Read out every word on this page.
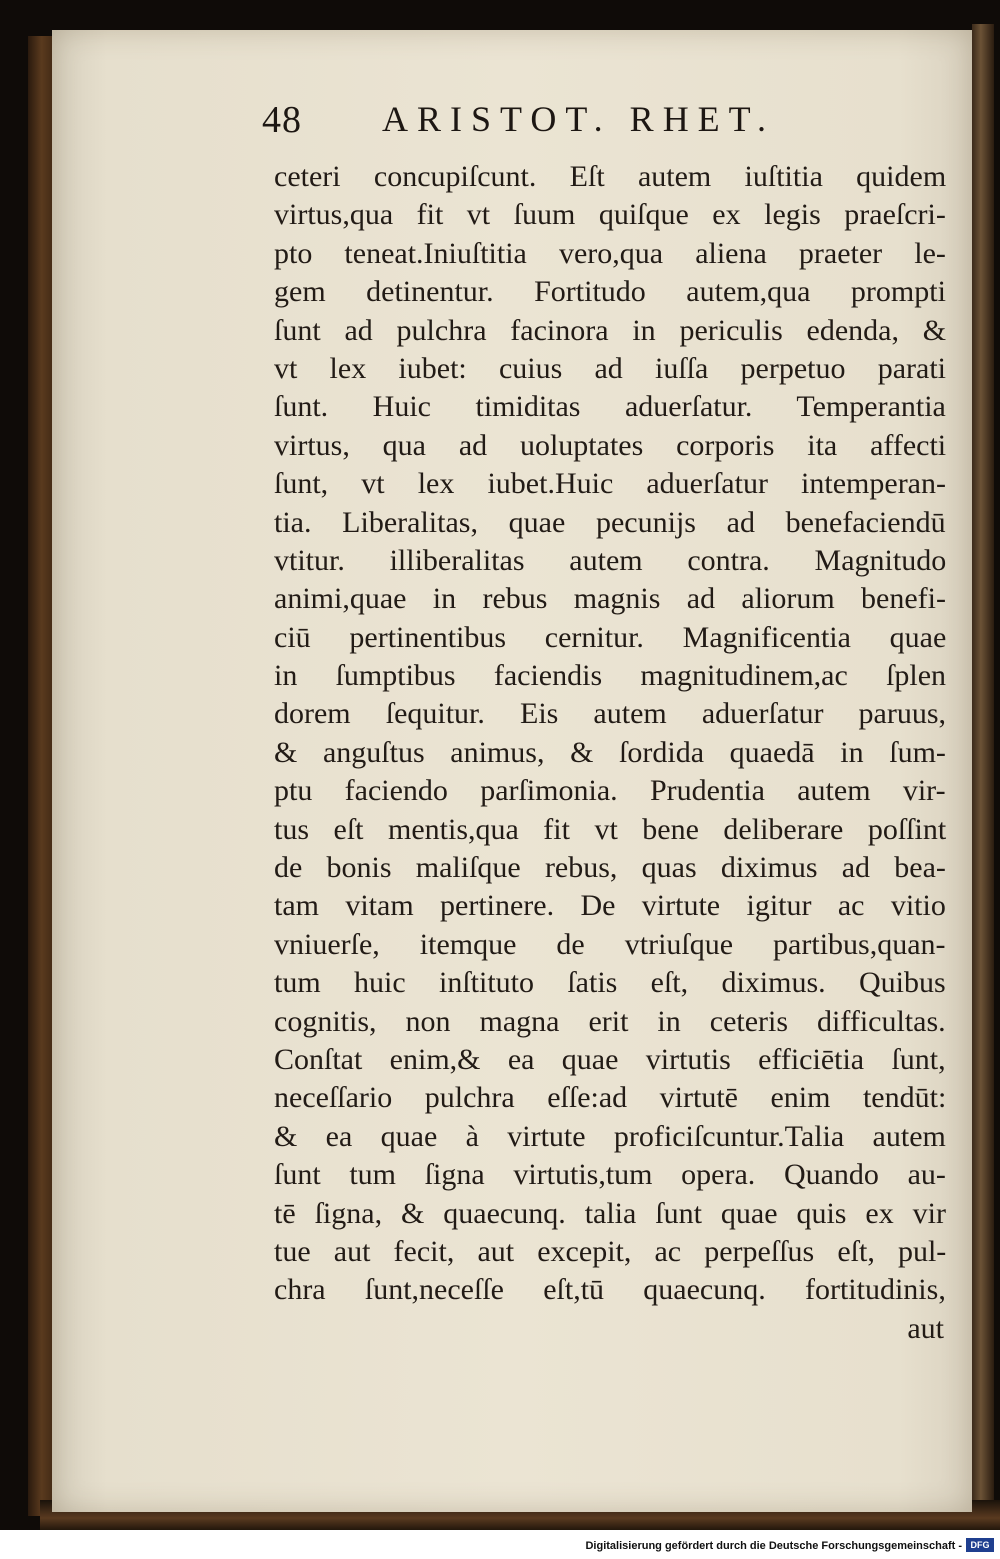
48 ARISTOT. RHET.
ceteri concupiſcunt. Eſt autem iuſtitia quidem
virtus,qua fit vt ſuum quiſque ex legis praeſcri-
pto teneat.Iniuſtitia vero,qua aliena praeter le-
gem detinentur. Fortitudo autem,qua prompti
ſunt ad pulchra facinora in periculis edenda, &
vt lex iubet: cuius ad iuſſa perpetuo parati
ſunt. Huic timiditas aduerſatur. Temperantia
virtus, qua ad uoluptates corporis ita affecti
ſunt, vt lex iubet.Huic aduerſatur intemperan-
tia. Liberalitas, quae pecunijs ad benefaciendū
vtitur. illiberalitas autem contra. Magnitudo
animi,quae in rebus magnis ad aliorum benefi-
ciū pertinentibus cernitur. Magnificentia quae
in ſumptibus faciendis magnitudinem,ac ſplen
dorem ſequitur. Eis autem aduerſatur paruus,
& anguſtus animus, & ſordida quaedā in ſum-
ptu faciendo parſimonia. Prudentia autem vir-
tus eſt mentis,qua fit vt bene deliberare poſſint
de bonis maliſque rebus, quas diximus ad bea-
tam vitam pertinere. De virtute igitur ac vitio
vniuerſe, itemque de vtriuſque partibus,quan-
tum huic inſtituto ſatis eſt, diximus. Quibus
cognitis, non magna erit in ceteris difficultas.
Conſtat enim,& ea quae virtutis efficiētia ſunt,
neceſſario pulchra eſſe:ad virtutē enim tendūt:
& ea quae à virtute proficiſcuntur.Talia autem
ſunt tum ſigna virtutis,tum opera. Quando au-
tē ſigna, & quaecunq. talia ſunt quae quis ex vir
tue aut fecit, aut excepit, ac perpeſſus eſt, pul-
chra ſunt,neceſſe eſt,tū quaecunq. fortitudinis,
aut
Digitalisierung gefördert durch die Deutsche Forschungsgemeinschaft - DFG
